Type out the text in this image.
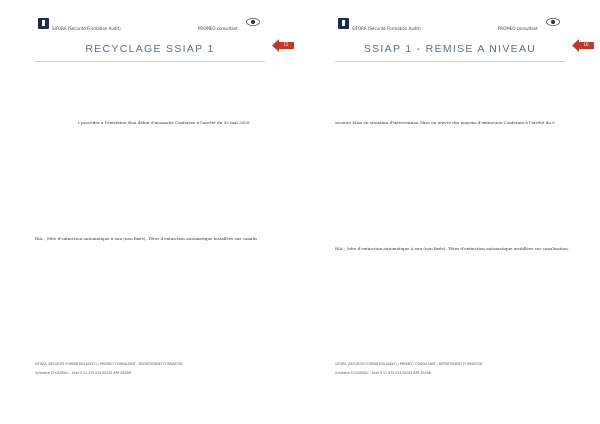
SIFORA (Sécurité Formation Audit)	PROMEO consultant
RECYCLAGE SSIAP 1	15
t procéder à l'entretien élon début d'anomalie Conforme à l'arrêté du 02 mai 2005
RIA ; (tête d'extinction automatique à eau (non fixée). Têtes d'extinction automatique installées sur canalis
SIFORA (SECURITE FORMATION AUDIT) / PROMEO CONSULTANT - DEPARTEMENT FORMATION
Sylvestre COUSSEAU - Siret 5 11 475 034 00025 APE 8559B
SIFORA (Sécurité Formation Audit)	PROMEO consultant
SSIAP 1 - REMISE A NIVEAU	16
secours Mise en situation d'intervention Mise en œuvre des moyens d'extinction Conforme à l'arrêté du 0
RIA ; (tête d'extinction automatique à eau (non fixée). Têtes d'extinction automatique installées sur canalisation.
SIFORA (SECURITE FORMATION AUDIT) / PROMEO CONSULTANT - DEPARTEMENT FORMATION
Sylvestre COUSSEAU - Siret 5 11 475 034 00025 APE 8559B
